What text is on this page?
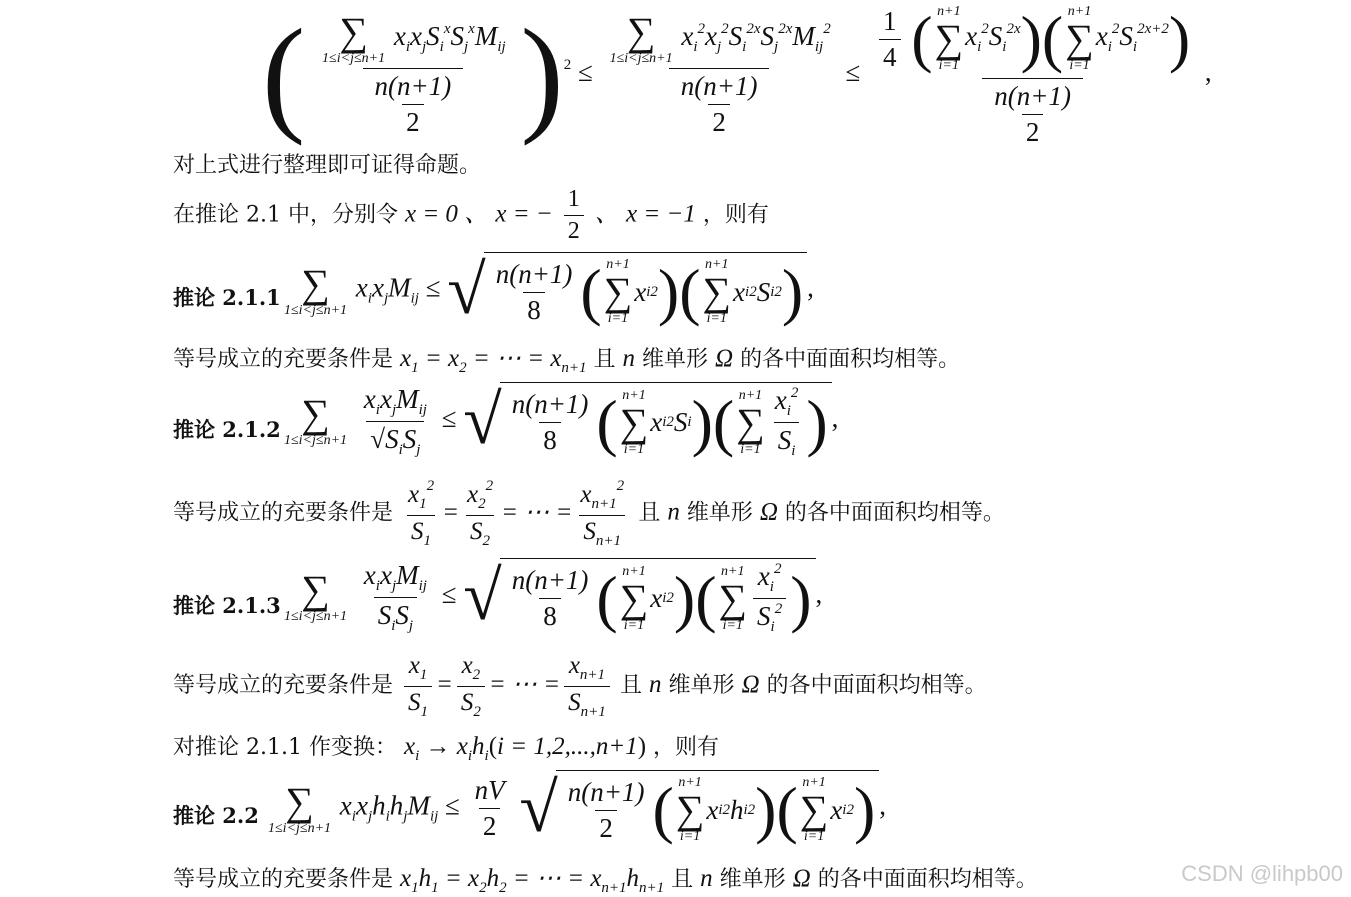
( ∑
1≤i<j≤n+1
$x_ix_jS_i^xS_j^xM_{ij}$
$\frac{n(n+1)}{2} )^2$ ≤ ∑
1≤i<j≤n+1
$x_i^2x_j^2S_i^{2x}S_j^{2x}M_{ij}^2$
$\frac{n(n+1)}{2} \le \frac{1}{4}$ ( n+1
∑
i=1
$x_i^2S_i^{2x}$)( n+1
∑
i=1
$x_i^2S_i^{2x+2}$)
$\frac{n(n+1)}{2}$ ,
对上式进行整理即可证得命题。
在推论 2.1 中，分别令 x = 0 、 x = − $\frac{1}{2}$ 、 x = −1 ，则有
推论 2.1.1 ∑
1≤i<j≤n+1
$x_ix_jM_{ij}$ ≤ √ $\frac{n(n+1)}{8}$ ( n+1
∑
i=1
x i 2 ) ( n+1
∑
i=1
x i 2 S i 2 ) ,
等号成立的充要条件是 $x_1 = x_2$ = ⋯ = $x_{n+1}$ 且 n 维单形 Ω 的各中面面积均相等。
推论 2.1.2 ∑
1≤i<j≤n+1
$\frac{x_ix_jM_{ij}}{√S_iS_j}$ ≤ √ $\frac{n(n+1)}{8}$ ( n+1
∑
i=1
x i 2 S i ) ( n+1
∑
$i=1 \frac{x_i^2}{S_i}$ ) ,
等号成立的充要条件是 $\frac{x_1^2}{S_1} = \frac{x_2^2}{S_2}$ = ⋯ = $\frac{x_{n+1}^2}{S_{n+1}}$ 且 n 维单形 Ω 的各中面面积均相等。
推论 2.1.3 ∑
1≤i<j≤n+1
$\frac{x_ix_jM_{ij}}{S_iS_j}$ ≤ √ $\frac{n(n+1)}{8}$ ( n+1
∑
i=1
x i 2 ) ( n+1
∑
$i=1 \frac{x_i^2}{S_i^2}$ ) ,
等号成立的充要条件是 $\frac{x_1}{S_1} = \frac{x_2}{S_2}$ = ⋯ = $\frac{x_{n+1}}{S_{n+1}}$ 且 n 维单形 Ω 的各中面面积均相等。
对推论 2.1.1 作变换： $x_i \to x_ih_i(i = 1,2,...,n+1)$ ，则有
推论 2.2 ∑
1≤i<j≤n+1
$x_ix_jh_ih_jM_{ij} \le \frac{nV}{2}$
√ $\frac{n(n+1)}{2}$ ( n+1
∑
i=1
x i 2 h i 2 ) ( n+1
∑
i=1
x i 2 ) ,
等号成立的充要条件是 $x_1h_1 = x_2h_2$ = ⋯ = $x_{n+1}h_{n+1}$ 且 n 维单形 Ω 的各中面面积均相等。	CSDN @lihpb00
